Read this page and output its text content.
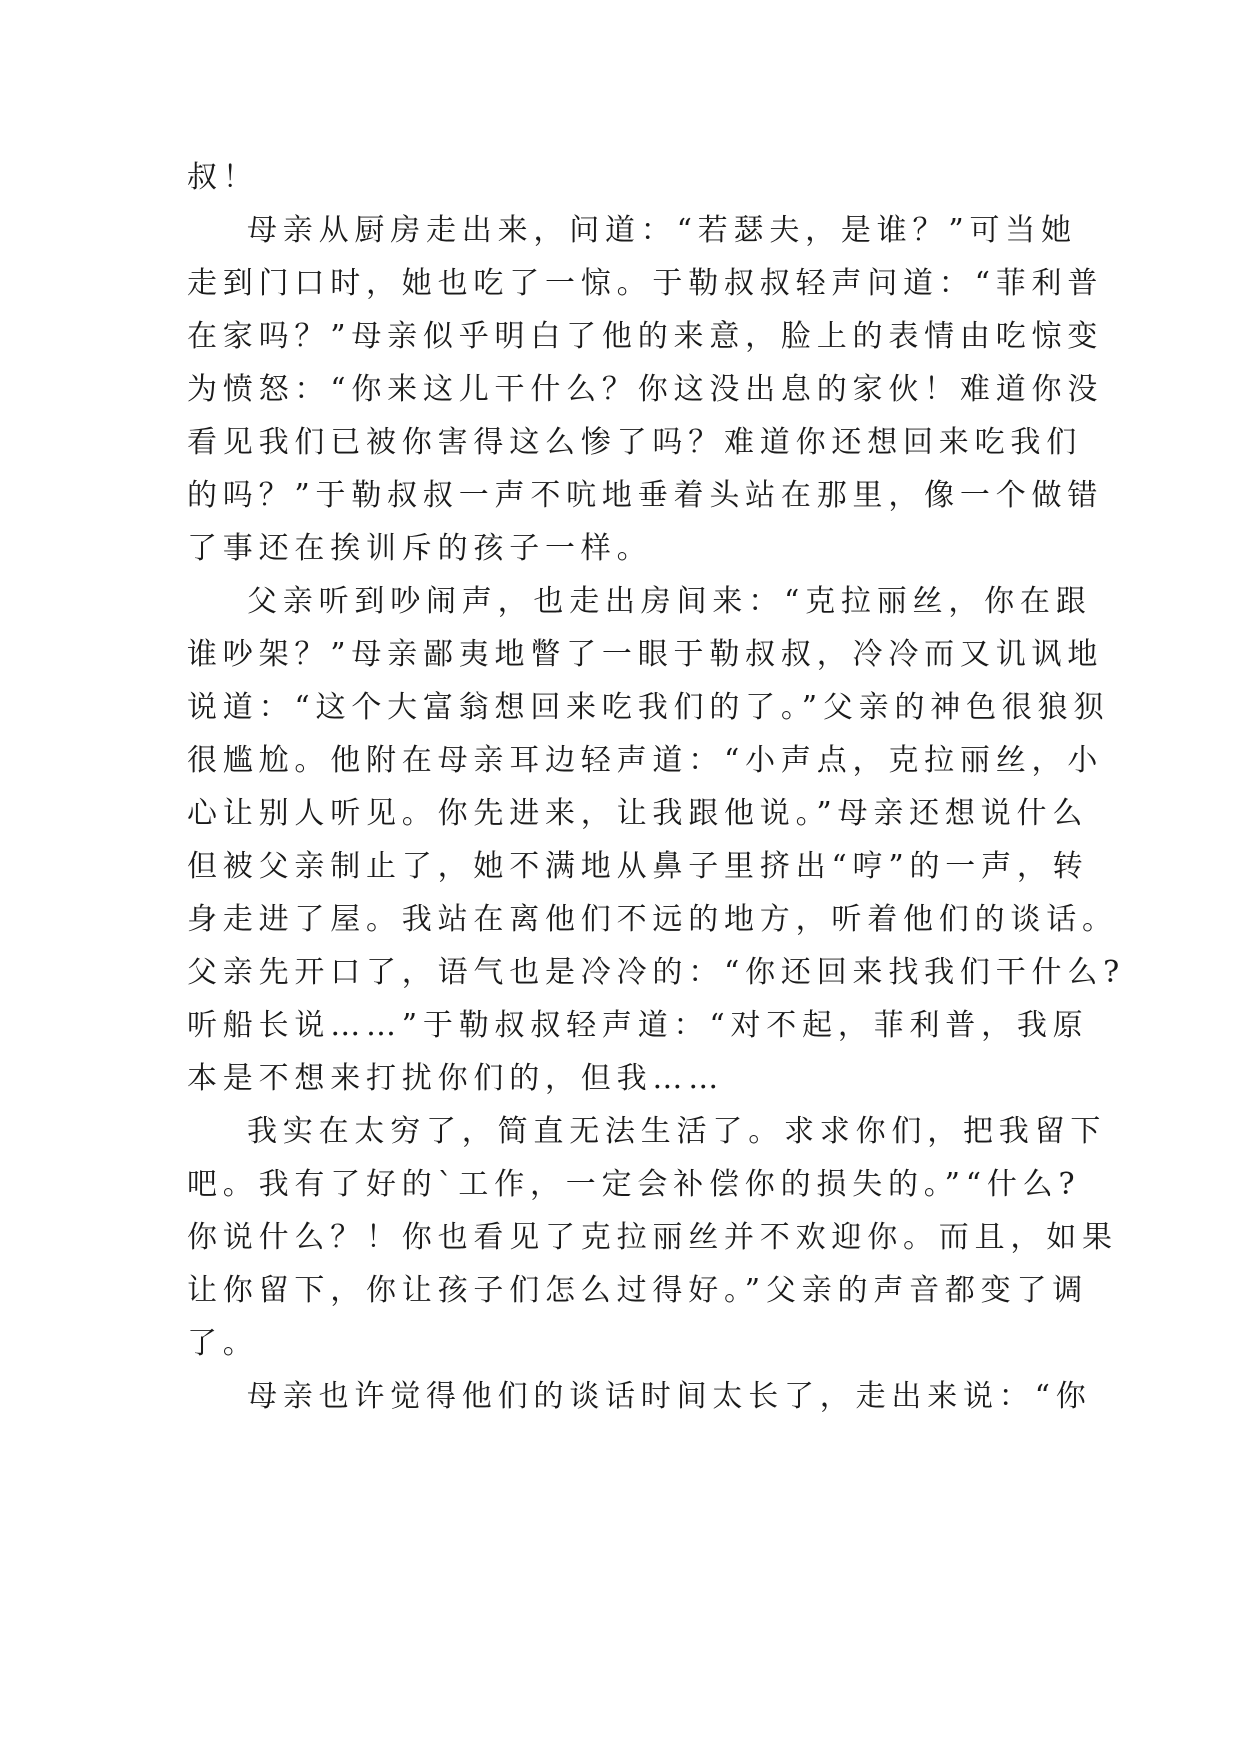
叔！
母亲从厨房走出来，问道：“若瑟夫，是谁？”可当她
走到门口时，她也吃了一惊。于勒叔叔轻声问道：“菲利普
在家吗？”母亲似乎明白了他的来意，脸上的表情由吃惊变
为愤怒：“你来这儿干什么？你这没出息的家伙！难道你没
看见我们已被你害得这么惨了吗？难道你还想回来吃我们
的吗？”于勒叔叔一声不吭地垂着头站在那里，像一个做错
了事还在挨训斥的孩子一样。
父亲听到吵闹声，也走出房间来：“克拉丽丝，你在跟
谁吵架？”母亲鄙夷地瞥了一眼于勒叔叔，冷冷而又讥讽地
说道：“这个大富翁想回来吃我们的了。”父亲的神色很狼狈
很尴尬。他附在母亲耳边轻声道：“小声点，克拉丽丝，小
心让别人听见。你先进来，让我跟他说。”母亲还想说什么
但被父亲制止了，她不满地从鼻子里挤出“哼”的一声，转
身走进了屋。我站在离他们不远的地方，听着他们的谈话。
父亲先开口了，语气也是冷冷的：“你还回来找我们干什么?
听船长说……”于勒叔叔轻声道：“对不起，菲利普，我原
本是不想来打扰你们的，但我……
我实在太穷了，简直无法生活了。求求你们，把我留下
吧。我有了好的`工作，一定会补偿你的损失的。”“什么?
你说什么？！你也看见了克拉丽丝并不欢迎你。而且，如果
让你留下，你让孩子们怎么过得好。”父亲的声音都变了调
了。
母亲也许觉得他们的谈话时间太长了，走出来说：“你
